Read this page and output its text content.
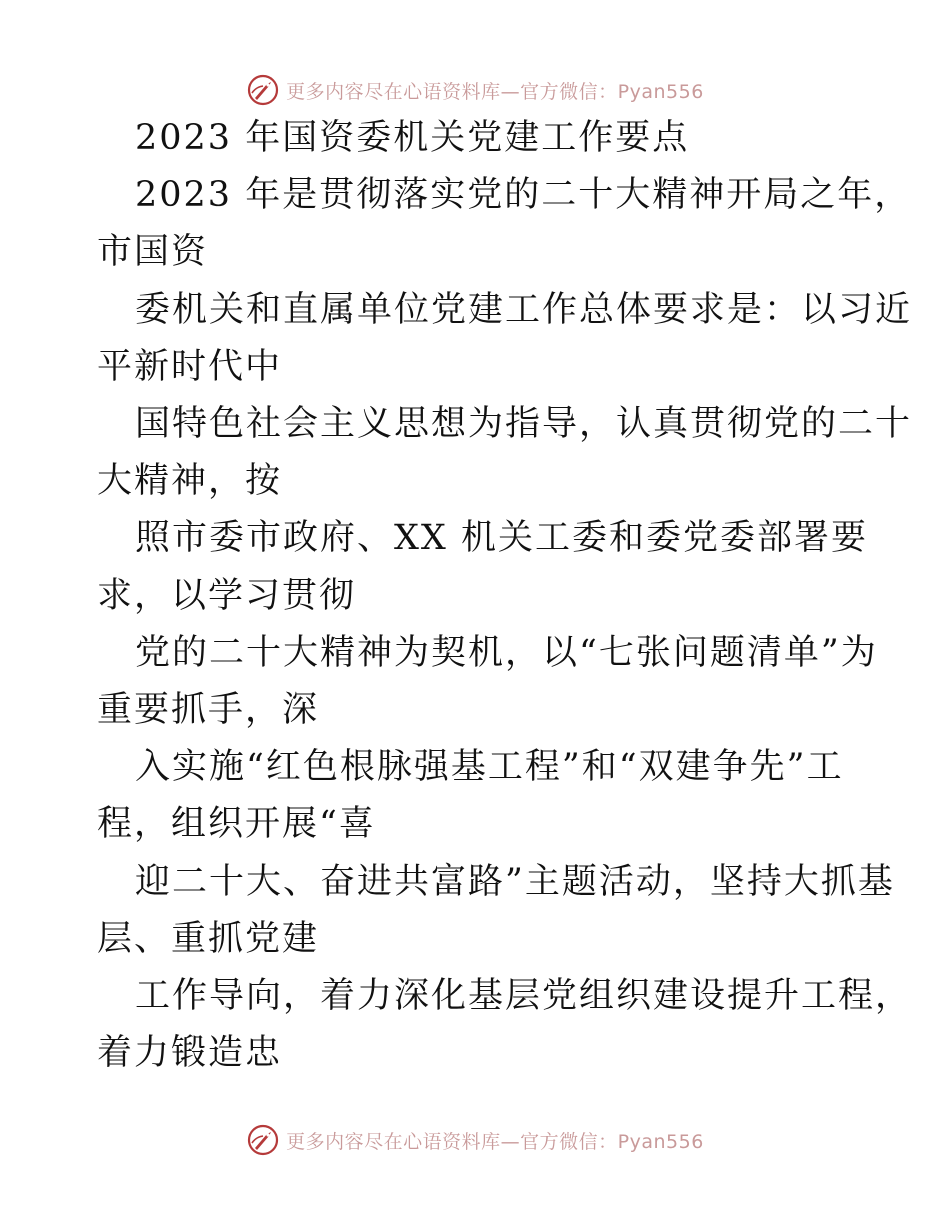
更多内容尽在心语资料库—官方微信：Pyan556
2023 年国资委机关党建工作要点
2023 年是贯彻落实党的二十大精神开局之年，
市国资
委机关和直属单位党建工作总体要求是：以习近
平新时代中
国特色社会主义思想为指导，认真贯彻党的二十
大精神，按
照市委市政府、XX 机关工委和委党委部署要
求，以学习贯彻
党的二十大精神为契机，以“七张问题清单”为
重要抓手，深
入实施“红色根脉强基工程”和“双建争先”工
程，组织开展“喜
迎二十大、奋进共富路”主题活动，坚持大抓基
层、重抓党建
工作导向，着力深化基层党组织建设提升工程，
着力锻造忠
更多内容尽在心语资料库—官方微信：Pyan556
